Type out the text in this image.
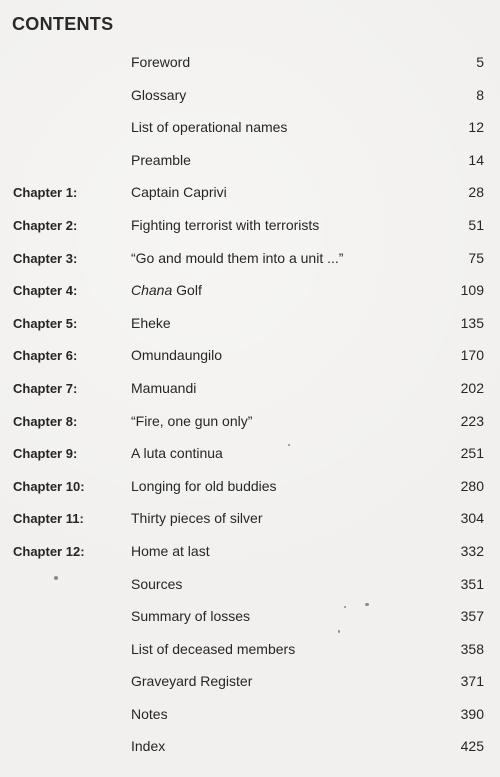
CONTENTS
Foreword	5
Glossary	8
List of operational names	12
Preamble	14
Chapter 1:	Captain Caprivi	28
Chapter 2:	Fighting terrorist with terrorists	51
Chapter 3:	“Go and mould them into a unit ...”	75
Chapter 4:	Chana Golf	109
Chapter 5:	Eheke	135
Chapter 6:	Omundaungilo	170
Chapter 7:	Mamuandi	202
Chapter 8:	“Fire, one gun only”	223
Chapter 9:	A luta continua	251
Chapter 10:	Longing for old buddies	280
Chapter 11:	Thirty pieces of silver	304
Chapter 12:	Home at last	332
Sources	351
Summary of losses	357
List of deceased members	358
Graveyard Register	371
Notes	390
Index	425
